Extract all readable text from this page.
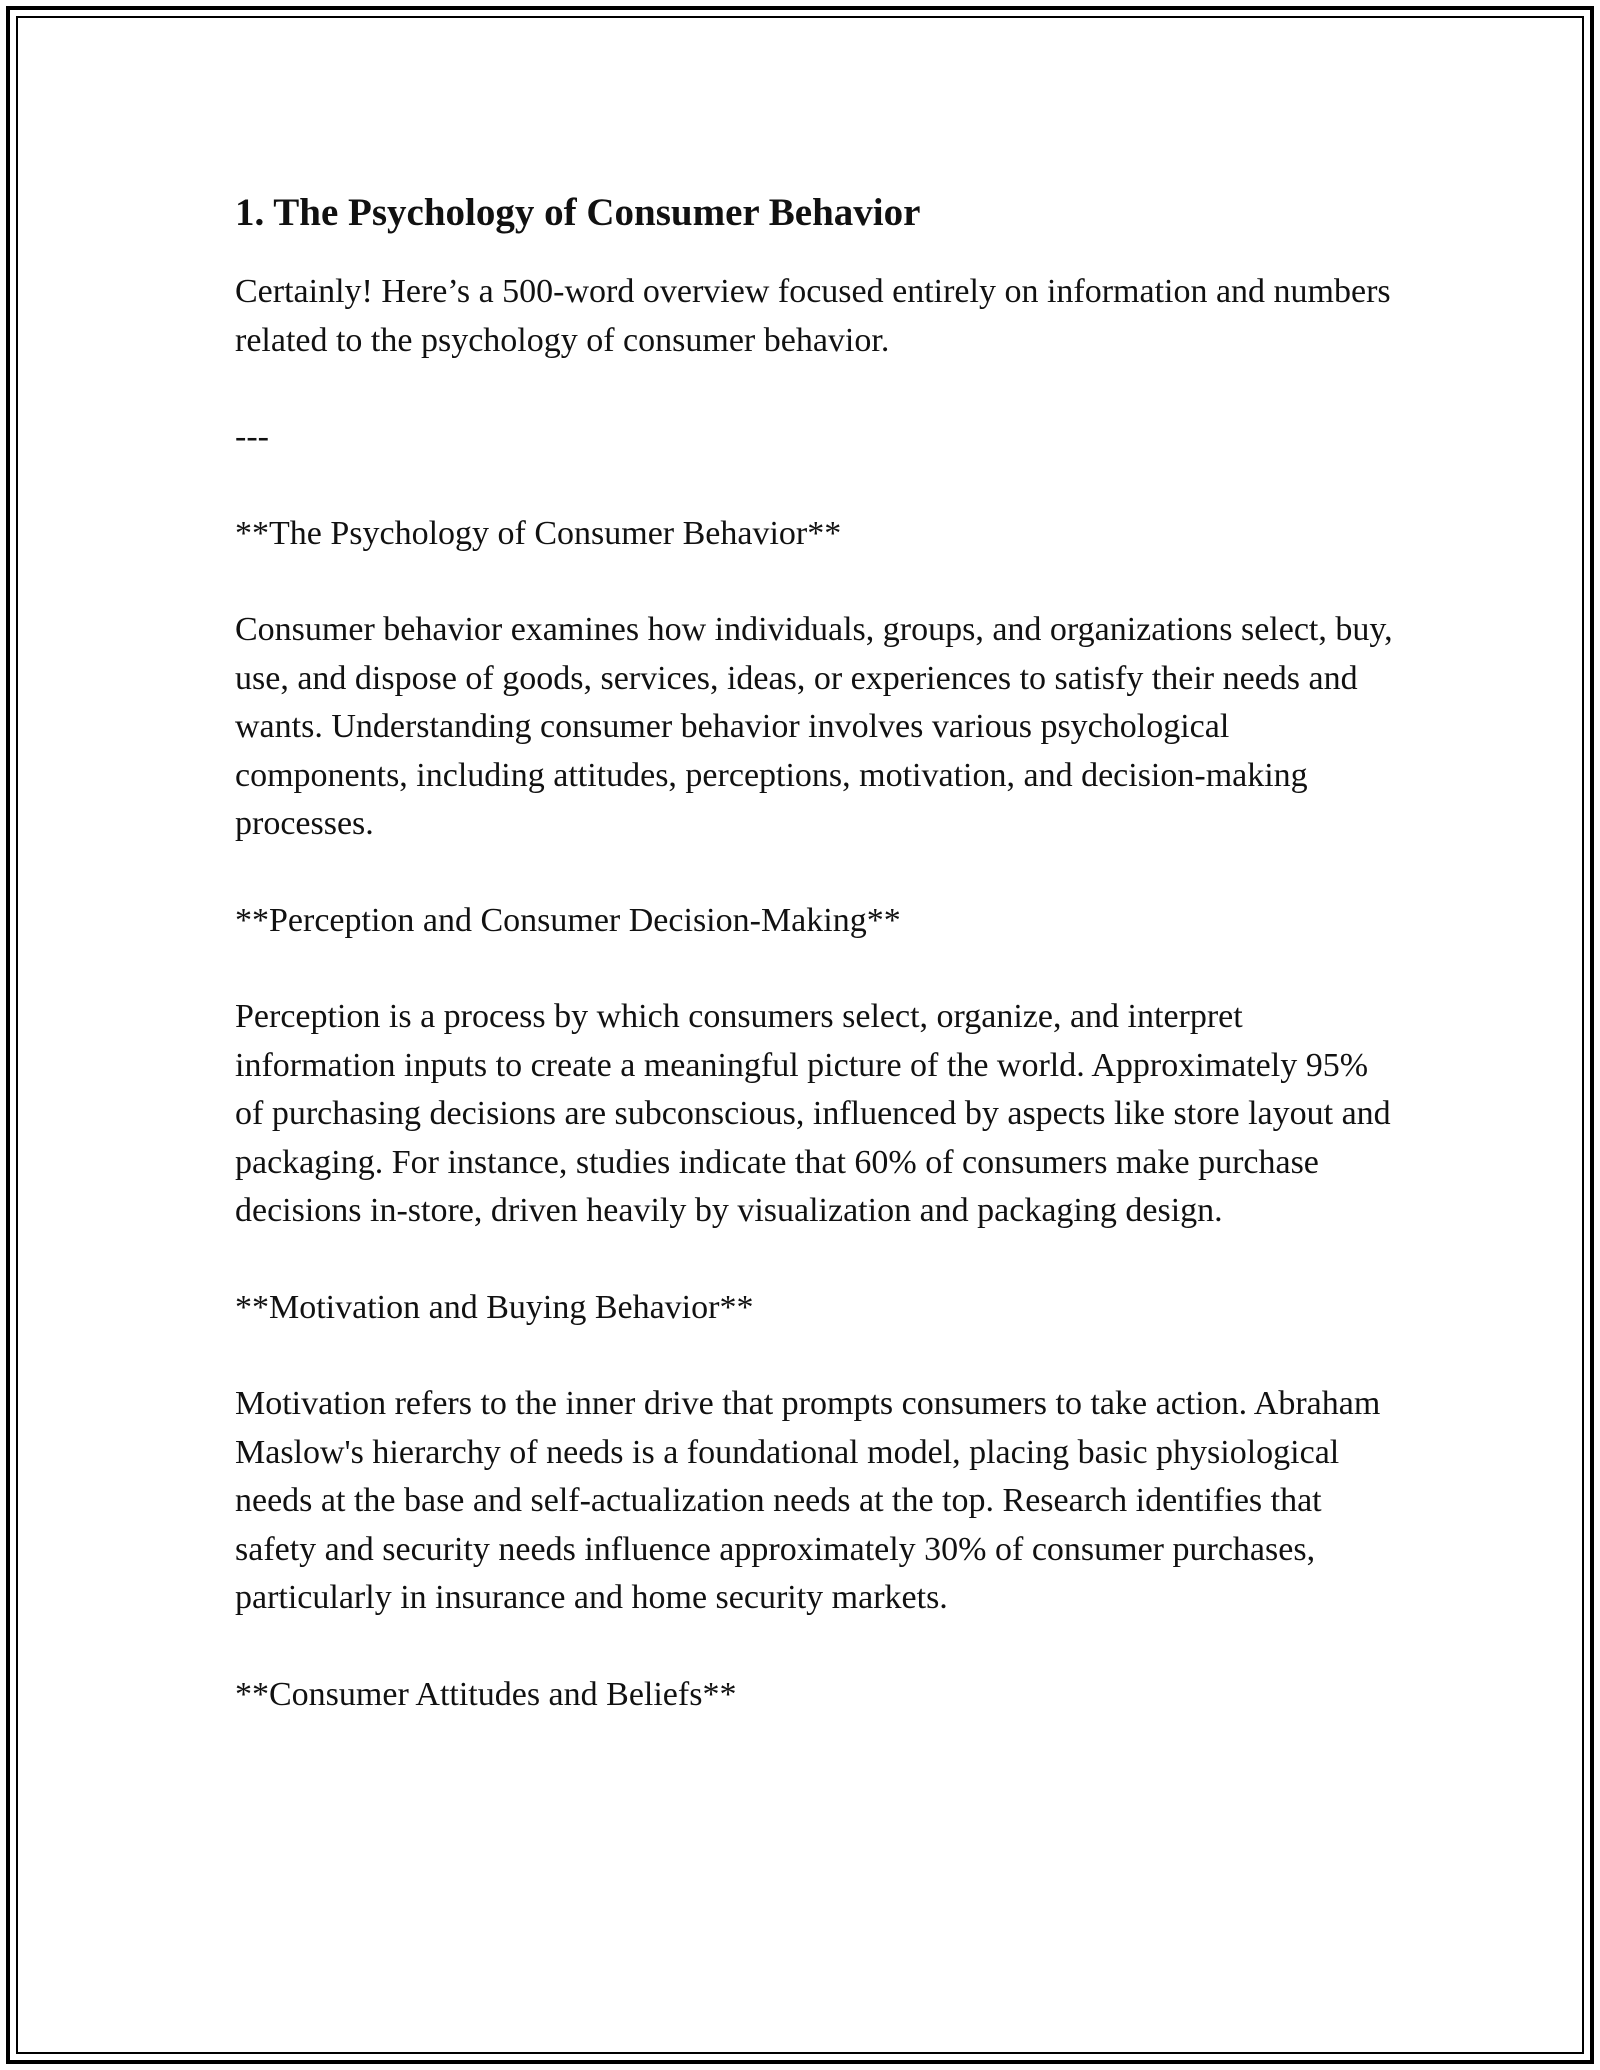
1. The Psychology of Consumer Behavior

Certainly! Here’s a 500-word overview focused entirely on information and numbers related to the psychology of consumer behavior.

---

**The Psychology of Consumer Behavior**

Consumer behavior examines how individuals, groups, and organizations select, buy, use, and dispose of goods, services, ideas, or experiences to satisfy their needs and wants. Understanding consumer behavior involves various psychological components, including attitudes, perceptions, motivation, and decision-making processes.

**Perception and Consumer Decision-Making**

Perception is a process by which consumers select, organize, and interpret information inputs to create a meaningful picture of the world. Approximately 95% of purchasing decisions are subconscious, influenced by aspects like store layout and packaging. For instance, studies indicate that 60% of consumers make purchase decisions in-store, driven heavily by visualization and packaging design.

**Motivation and Buying Behavior**

Motivation refers to the inner drive that prompts consumers to take action. Abraham Maslow's hierarchy of needs is a foundational model, placing basic physiological needs at the base and self-actualization needs at the top. Research identifies that safety and security needs influence approximately 30% of consumer purchases, particularly in insurance and home security markets.

**Consumer Attitudes and Beliefs**
